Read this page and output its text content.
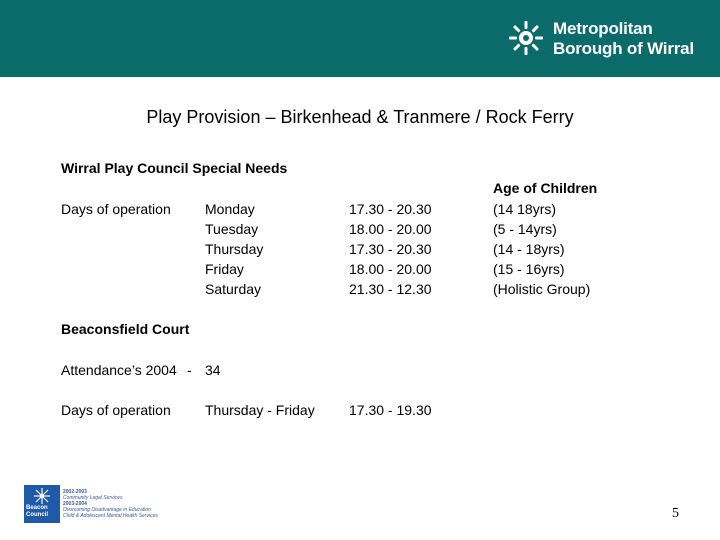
Metropolitan
Borough of Wirral
Play Provision – Birkenhead & Tranmere / Rock Ferry
Wirral Play Council Special Needs
Age of Children
Days of operation Monday	17.30 - 20.30	(14 18yrs)
Tuesday	18.00 - 20.00	(5 - 14yrs)
Thursday	17.30 - 20.30	(14 - 18yrs)
Friday	18.00 - 20.00	(15 - 16yrs)
Saturday	21.30 - 12.30	(Holistic Group)
Beaconsfield Court
Attendance’s 2004 - 34
Days of operation Thursday - Friday 17.30 - 19.30
Beacon Council
2002-2003
Community Legal Services
2003-2004
Overcoming Disadvantage in Education
Child & Adolescent Mental Health Services	5
